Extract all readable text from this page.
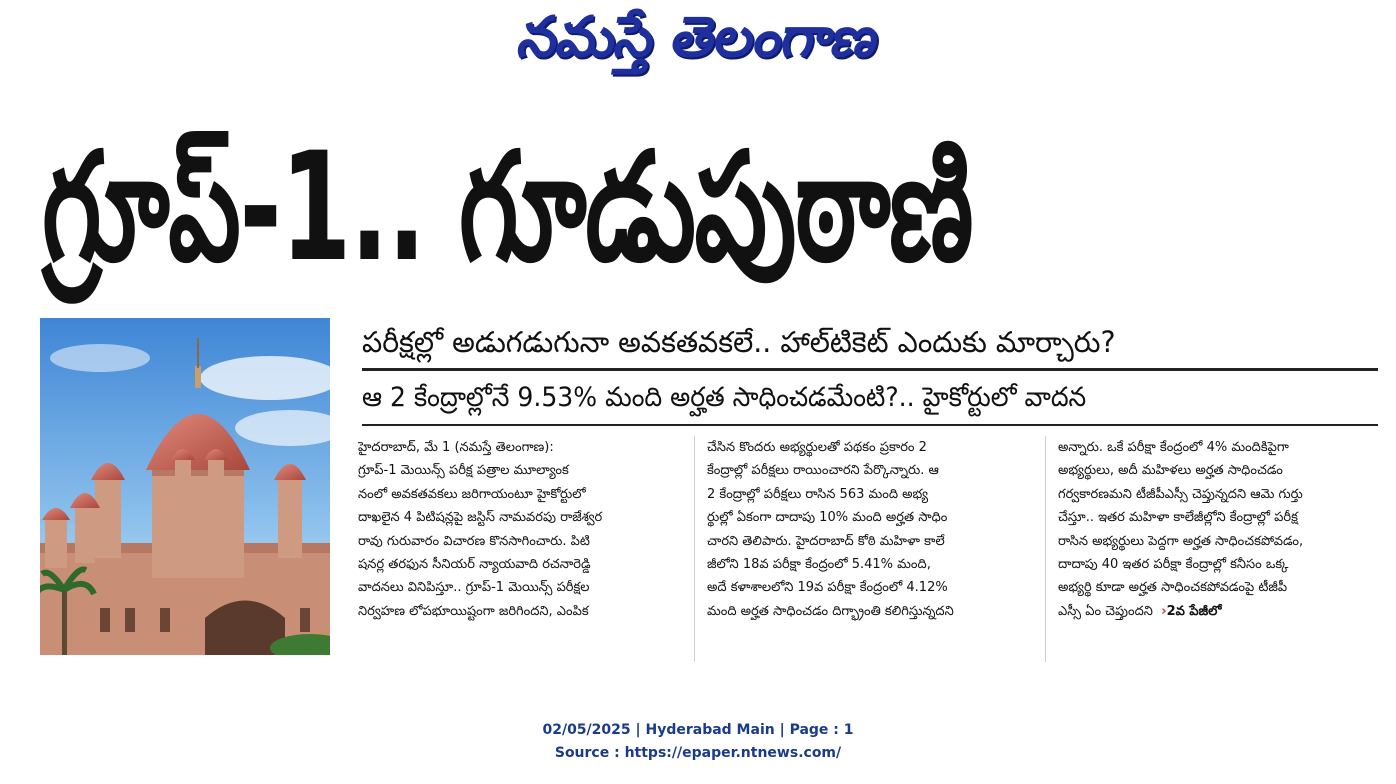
నమస్తే తెలంగాణ
గ్రూప్-1.. గూడుపుఠాణి
పరీక్షల్లో అడుగడుగునా అవకతవకలే.. హాల్‌టికెట్ ఎందుకు మార్చారు?
ఆ 2 కేంద్రాల్లోనే 9.53% మంది అర్హత సాధించడమేంటి?.. హైకోర్టులో వాదన

హైదరాబాద్, మే 1 (నమస్తే తెలంగాణ):

గ్రూప్-1 మెయిన్స్ పరీక్ష పత్రాల మూల్యాంక

నంలో అవకతవకలు జరిగాయంటూ హైకోర్టులో

దాఖలైన 4 పిటిషన్లపై జస్టిస్ నామవరపు రాజేశ్వర

రావు గురువారం విచారణ కొనసాగించారు. పిటి

షనర్ల తరఫున సీనియర్ న్యాయవాది రచనారెడ్డి

వాదనలు వినిపిస్తూ.. గ్రూప్-1 మెయిన్స్ పరీక్షల

నిర్వహణ లోపభూయిష్టంగా జరిగిందని, ఎంపిక

చేసిన కొందరు అభ్యర్థులతో పథకం ప్రకారం 2

కేంద్రాల్లో పరీక్షలు రాయించారని పేర్కొన్నారు. ఆ

2 కేంద్రాల్లో పరీక్షలు రాసిన 563 మంది అభ్య

ర్థుల్లో ఏకంగా దాదాపు 10% మంది అర్హత సాధిం

చారని తెలిపారు. హైదరాబాద్ కోఠి మహిళా కాలే

జీలోని 18వ పరీక్షా కేంద్రంలో 5.41% మంది,

అదే కళాశాలలోని 19వ పరీక్షా కేంద్రంలో 4.12%

మంది అర్హత సాధించడం దిగ్భ్రాంతి కలిగిస్తున్నదని

అన్నారు. ఒకే పరీక్షా కేంద్రంలో 4% మందికిపైగా

అభ్యర్థులు, అదీ మహిళలు అర్హత సాధించడం

గర్వకారణమని టీజీపీఎస్సీ చెప్తున్నదని ఆమె గుర్తు

చేస్తూ.. ఇతర మహిళా కాలేజీల్లోని కేంద్రాల్లో పరీక్ష

రాసిన అభ్యర్థులు పెద్దగా అర్హత సాధించకపోవడం,

దాదాపు 40 ఇతర పరీక్షా కేంద్రాల్లో కనీసం ఒక్క

అభ్యర్థి కూడా అర్హత సాధించకపోవడంపై టీజీపీ

ఎస్సీ ఏం చెప్తుందని ›2వ పేజీలో

02/05/2025 | Hyderabad Main | Page : 1
Source : https://epaper.ntnews.com/
